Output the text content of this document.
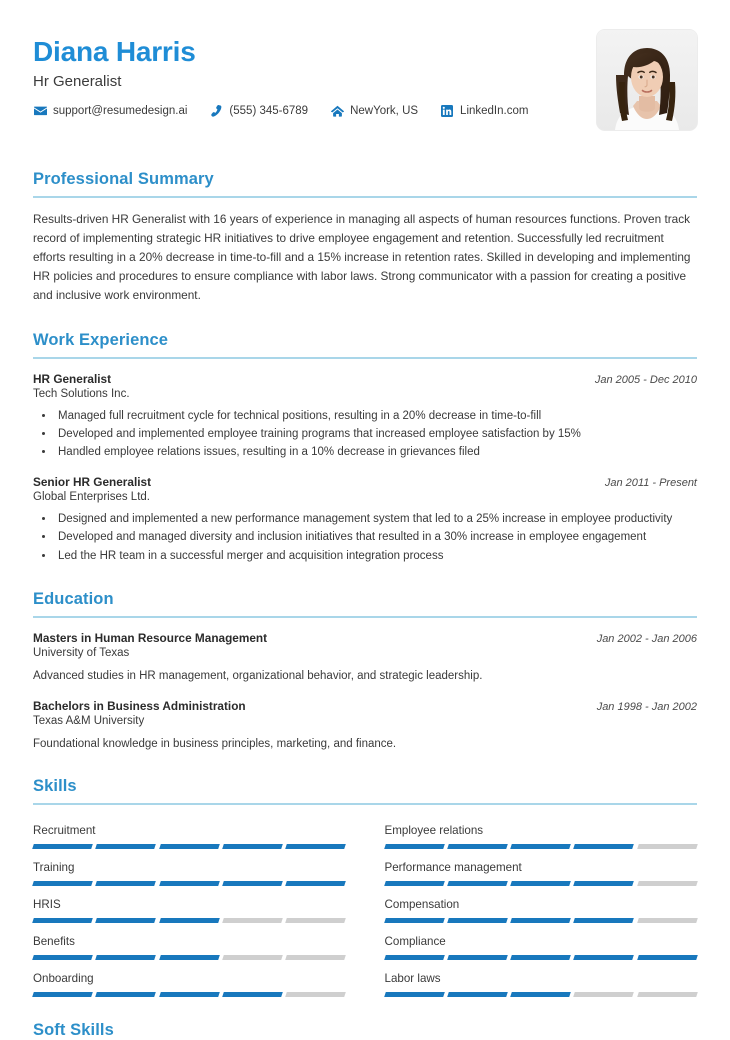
Diana Harris
Hr Generalist
support@resumedesign.ai	(555) 345-6789	NewYork, US	LinkedIn.com
Professional Summary

Results-driven HR Generalist with 16 years of experience in managing all aspects of human resources functions. Proven track record of implementing strategic HR initiatives to drive employee engagement and retention. Successfully led recruitment efforts resulting in a 20% decrease in time-to-fill and a 15% increase in retention rates. Skilled in developing and implementing HR policies and procedures to ensure compliance with labor laws. Strong communicator with a passion for creating a positive and inclusive work environment.

Work Experience
HR Generalist	Jan 2005 - Dec 2010
Tech Solutions Inc.
• Managed full recruitment cycle for technical positions, resulting in a 20% decrease in time-to-fill
• Developed and implemented employee training programs that increased employee satisfaction by 15%
• Handled employee relations issues, resulting in a 10% decrease in grievances filed
Senior HR Generalist	Jan 2011 - Present
Global Enterprises Ltd.
• Designed and implemented a new performance management system that led to a 25% increase in employee productivity
• Developed and managed diversity and inclusion initiatives that resulted in a 30% increase in employee engagement
• Led the HR team in a successful merger and acquisition integration process
Education
Masters in Human Resource Management	Jan 2002 - Jan 2006
University of Texas
Advanced studies in HR management, organizational behavior, and strategic leadership.
Bachelors in Business Administration	Jan 1998 - Jan 2002
Texas A&M University
Foundational knowledge in business principles, marketing, and finance.
Skills
Recruitment	Employee relations
Training	Performance management
HRIS	Compensation
Benefits	Compliance
Onboarding	Labor laws
Soft Skills
